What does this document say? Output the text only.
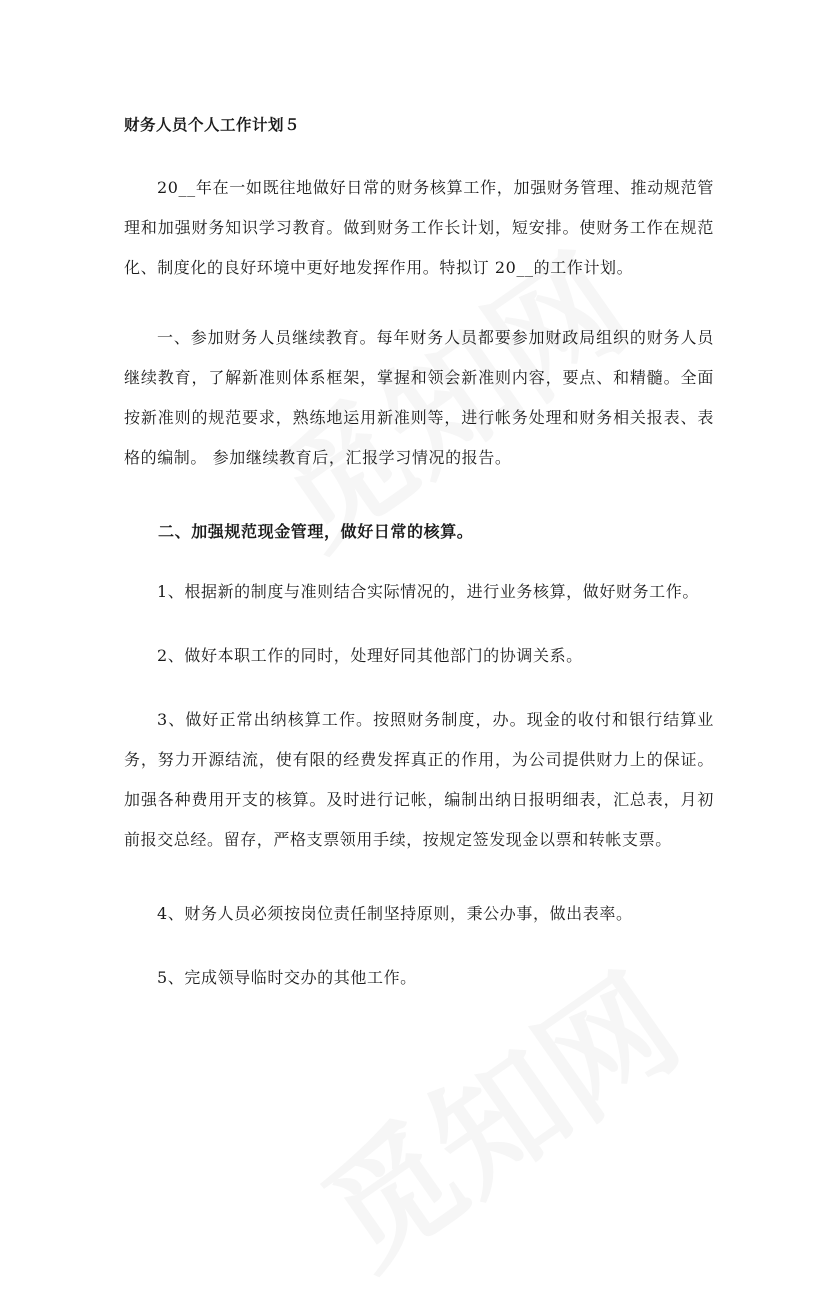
财务人员个人工作计划５

20__年在一如既往地做好日常的财务核算工作，加强财务管理、推动规范管理和加强财务知识学习教育。做到财务工作长计划，短安排。使财务工作在规范化、制度化的良好环境中更好地发挥作用。特拟订 20__的工作计划。

一、参加财务人员继续教育。每年财务人员都要参加财政局组织的财务人员继续教育，了解新准则体系框架，掌握和领会新准则内容，要点、和精髓。全面按新准则的规范要求，熟练地运用新准则等，进行帐务处理和财务相关报表、表格的编制。 参加继续教育后，汇报学习情况的报告。

二、加强规范现金管理，做好日常的核算。

1、根据新的制度与准则结合实际情况的，进行业务核算，做好财务工作。

2、做好本职工作的同时，处理好同其他部门的协调关系。

3、做好正常出纳核算工作。按照财务制度，办。现金的收付和银行结算业务，努力开源结流，使有限的经费发挥真正的作用，为公司提供财力上的保证。加强各种费用开支的核算。及时进行记帐，编制出纳日报明细表，汇总表，月初前报交总经。留存，严格支票领用手续，按规定签发现金以票和转帐支票。

4、财务人员必须按岗位责任制坚持原则，秉公办事，做出表率。

5、完成领导临时交办的其他工作。
